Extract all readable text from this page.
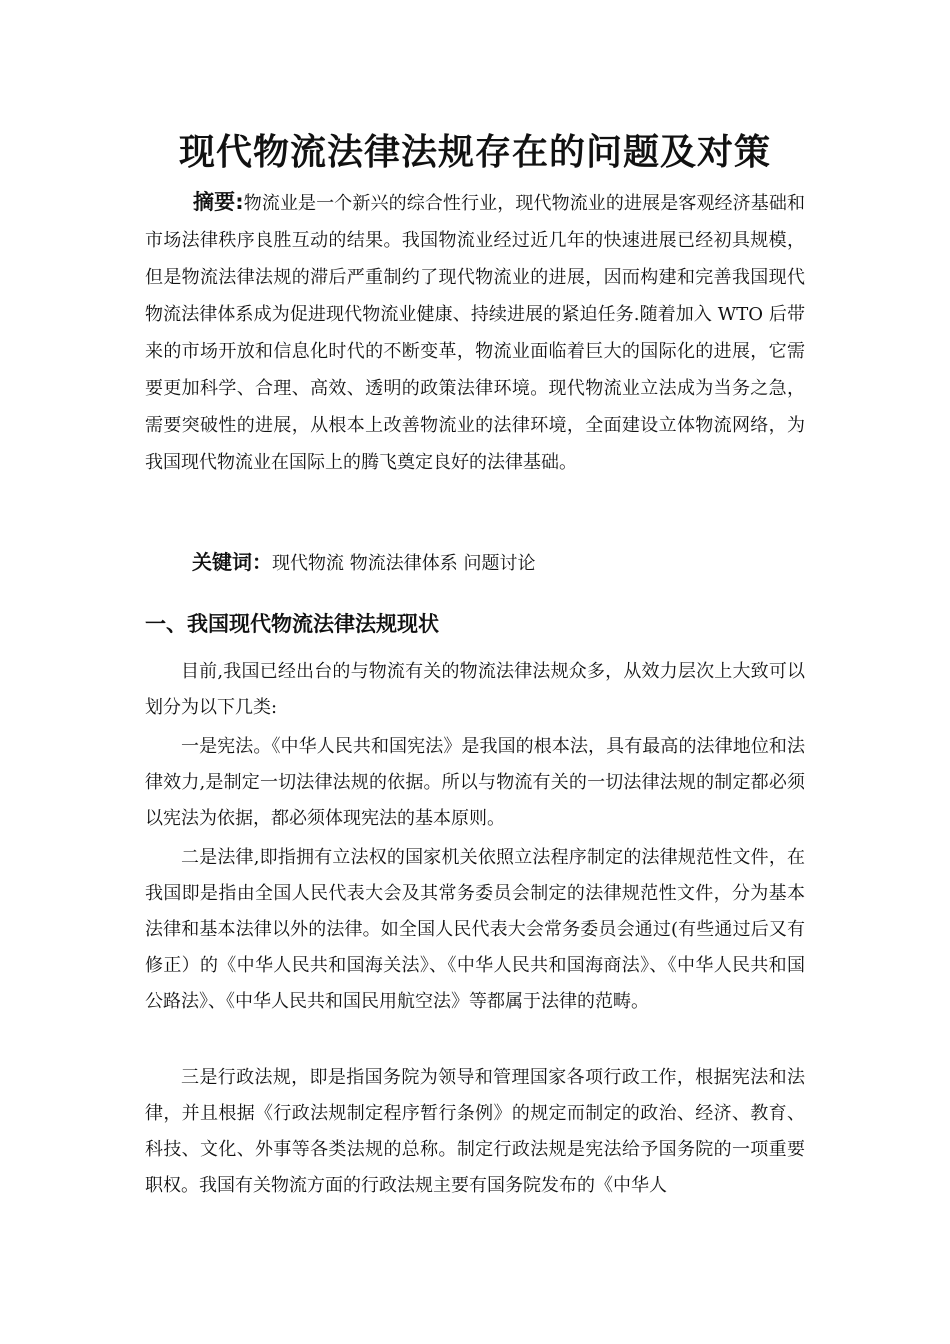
现代物流法律法规存在的问题及对策

摘要:物流业是一个新兴的综合性行业，现代物流业的进展是客观经济基础和市场法律秩序良胜互动的结果。我国物流业经过近几年的快速进展已经初具规模，但是物流法律法规的滞后严重制约了现代物流业的进展，因而构建和完善我国现代物流法律体系成为促进现代物流业健康、持续进展的紧迫任务.随着加入 WTO 后带来的市场开放和信息化时代的不断变革，物流业面临着巨大的国际化的进展，它需要更加科学、合理、高效、透明的政策法律环境。现代物流业立法成为当务之急，需要突破性的进展，从根本上改善物流业的法律环境，全面建设立体物流网络，为我国现代物流业在国际上的腾飞奠定良好的法律基础。

关键词：现代物流 物流法律体系 问题讨论
一、我国现代物流法律法规现状

目前,我国已经出台的与物流有关的物流法律法规众多，从效力层次上大致可以划分为以下几类:

一是宪法。《中华人民共和国宪法》是我国的根本法，具有最高的法律地位和法律效力,是制定一切法律法规的依据。所以与物流有关的一切法律法规的制定都必须以宪法为依据，都必须体现宪法的基本原则。

二是法律,即指拥有立法权的国家机关依照立法程序制定的法律规范性文件，在我国即是指由全国人民代表大会及其常务委员会制定的法律规范性文件，分为基本法律和基本法律以外的法律。如全国人民代表大会常务委员会通过(有些通过后又有修正）的《中华人民共和国海关法》、《中华人民共和国海商法》、《中华人民共和国公路法》、《中华人民共和国民用航空法》等都属于法律的范畴。

三是行政法规，即是指国务院为领导和管理国家各项行政工作，根据宪法和法律，并且根据《行政法规制定程序暂行条例》的规定而制定的政治、经济、教育、科技、文化、外事等各类法规的总称。制定行政法规是宪法给予国务院的一项重要职权。我国有关物流方面的行政法规主要有国务院发布的《中华人
